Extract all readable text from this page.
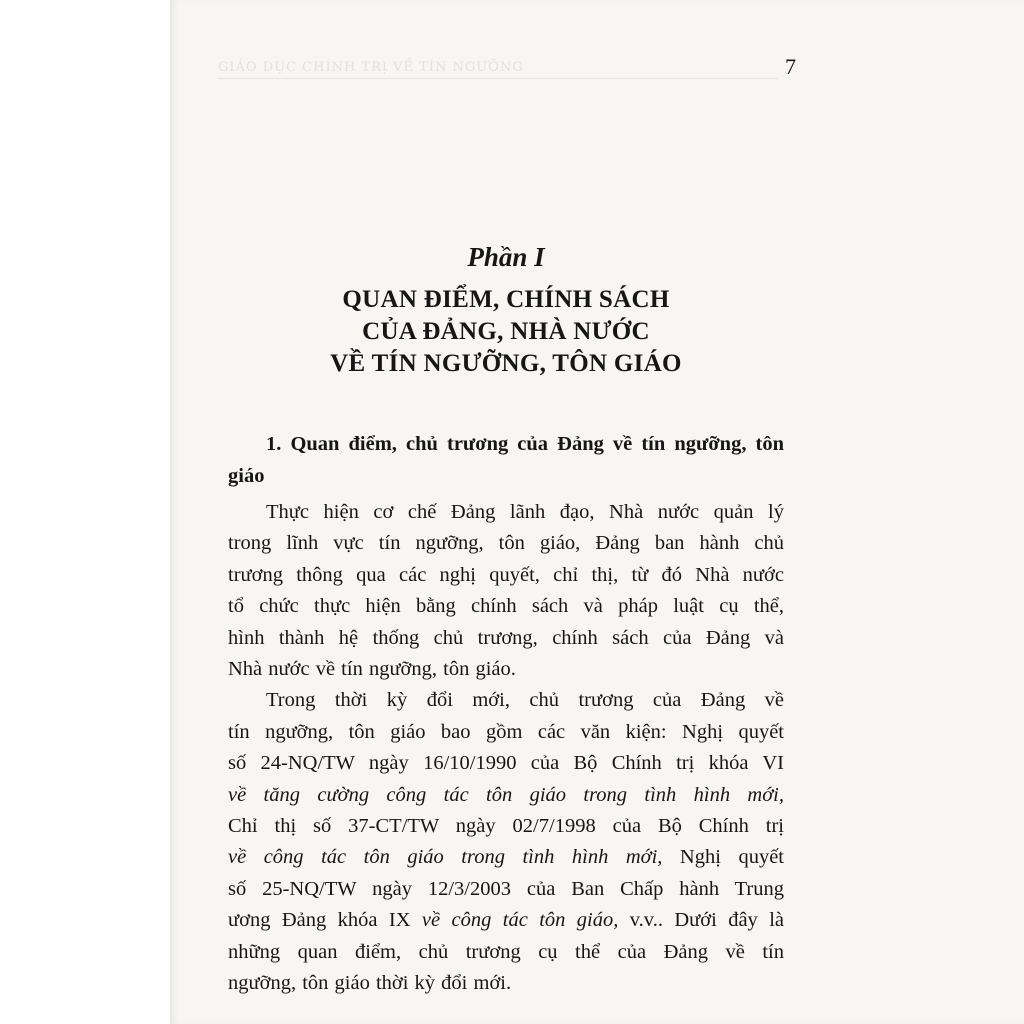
GIÁO DỤC CHÍNH TRỊ VỀ TÍN NGƯỠNG	7
Phần I
QUAN ĐIỂM, CHÍNH SÁCH
CỦA ĐẢNG, NHÀ NƯỚC
VỀ TÍN NGƯỠNG, TÔN GIÁO
1. Quan điểm, chủ trương của Đảng về tín ngưỡng, tôn giáo
Thực hiện cơ chế Đảng lãnh đạo, Nhà nước quản lý
trong lĩnh vực tín ngưỡng, tôn giáo, Đảng ban hành chủ
trương thông qua các nghị quyết, chỉ thị, từ đó Nhà nước
tổ chức thực hiện bằng chính sách và pháp luật cụ thể,
hình thành hệ thống chủ trương, chính sách của Đảng và
Nhà nước về tín ngưỡng, tôn giáo.
Trong thời kỳ đổi mới, chủ trương của Đảng về
tín ngưỡng, tôn giáo bao gồm các văn kiện: Nghị quyết
số 24-NQ/TW ngày 16/10/1990 của Bộ Chính trị khóa VI
về tăng cường công tác tôn giáo trong tình hình mới,
Chỉ thị số 37-CT/TW ngày 02/7/1998 của Bộ Chính trị
về công tác tôn giáo trong tình hình mới, Nghị quyết
số 25-NQ/TW ngày 12/3/2003 của Ban Chấp hành Trung
ương Đảng khóa IX về công tác tôn giáo, v.v.. Dưới đây là
những quan điểm, chủ trương cụ thể của Đảng về tín
ngưỡng, tôn giáo thời kỳ đổi mới.
